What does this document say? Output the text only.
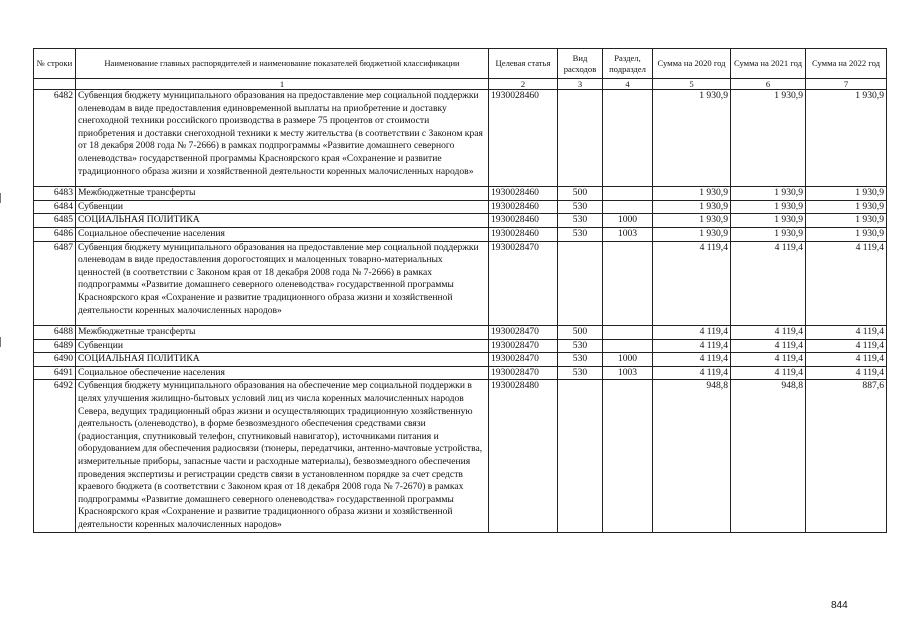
№ строки	Наименование главных распорядителей и наименование показателей бюджетной классификации	Целевая статья	Вид расходов	Раздел, подраздел	Сумма на 2020 год	Сумма на 2021 год	Сумма на 2022 год
	1	2	3	4	5	6	7
6482	Субвенция бюджету муниципального образования на предоставление мер социальной поддержки оленеводам в виде предоставления единовременной выплаты на приобретение и доставку снегоходной техники российского производства в размере 75 процентов от стоимости приобретения и доставки снегоходной техники к месту жительства (в соответствии с Законом края от 18 декабря 2008 года № 7-2666) в рамках подпрограммы «Развитие домашнего северного оленеводства» государственной программы Красноярского края «Сохранение и развитие традиционного образа жизни и хозяйственной деятельности коренных малочисленных народов»	1930028460			1 930,9	1 930,9	1 930,9
6483	Межбюджетные трансферты	1930028460	500		1 930,9	1 930,9	1 930,9
6484	Субвенции	1930028460	530		1 930,9	1 930,9	1 930,9
6485	СОЦИАЛЬНАЯ ПОЛИТИКА	1930028460	530	1000	1 930,9	1 930,9	1 930,9
6486	Социальное обеспечение населения	1930028460	530	1003	1 930,9	1 930,9	1 930,9
6487	Субвенция бюджету муниципального образования на предоставление мер социальной поддержки оленеводам в виде предоставления дорогостоящих и малоценных товарно-материальных ценностей (в соответствии с Законом края от 18 декабря 2008 года № 7-2666) в рамках подпрограммы «Развитие домашнего северного оленеводства» государственной программы Красноярского края «Сохранение и развитие традиционного образа жизни и хозяйственной деятельности коренных малочисленных народов»	1930028470			4 119,4	4 119,4	4 119,4
6488	Межбюджетные трансферты	1930028470	500		4 119,4	4 119,4	4 119,4
6489	Субвенции	1930028470	530		4 119,4	4 119,4	4 119,4
6490	СОЦИАЛЬНАЯ ПОЛИТИКА	1930028470	530	1000	4 119,4	4 119,4	4 119,4
6491	Социальное обеспечение населения	1930028470	530	1003	4 119,4	4 119,4	4 119,4
6492	Субвенция бюджету муниципального образования на обеспечение мер социальной поддержки в целях улучшения жилищно-бытовых условий лиц из числа коренных малочисленных народов Севера, ведущих традиционный образ жизни и осуществляющих традиционную хозяйственную деятельность (оленеводство), в форме безвозмездного обеспечения средствами связи (радиостанция, спутниковый телефон, спутниковый навигатор), источниками питания и оборудованием для обеспечения радиосвязи (тюнеры, передатчики, антенно-мачтовые устройства, измерительные приборы, запасные части и расходные материалы), безвозмездного обеспечения проведения экспертизы и регистрации средств связи в установленном порядке за счет средств краевого бюджета (в соответствии с Законом края от 18 декабря 2008 года № 7-2670) в рамках подпрограммы «Развитие домашнего северного оленеводства» государственной программы Красноярского края «Сохранение и развитие традиционного образа жизни и хозяйственной деятельности коренных малочисленных народов»	1930028480			948,8	948,8	887,6
844
